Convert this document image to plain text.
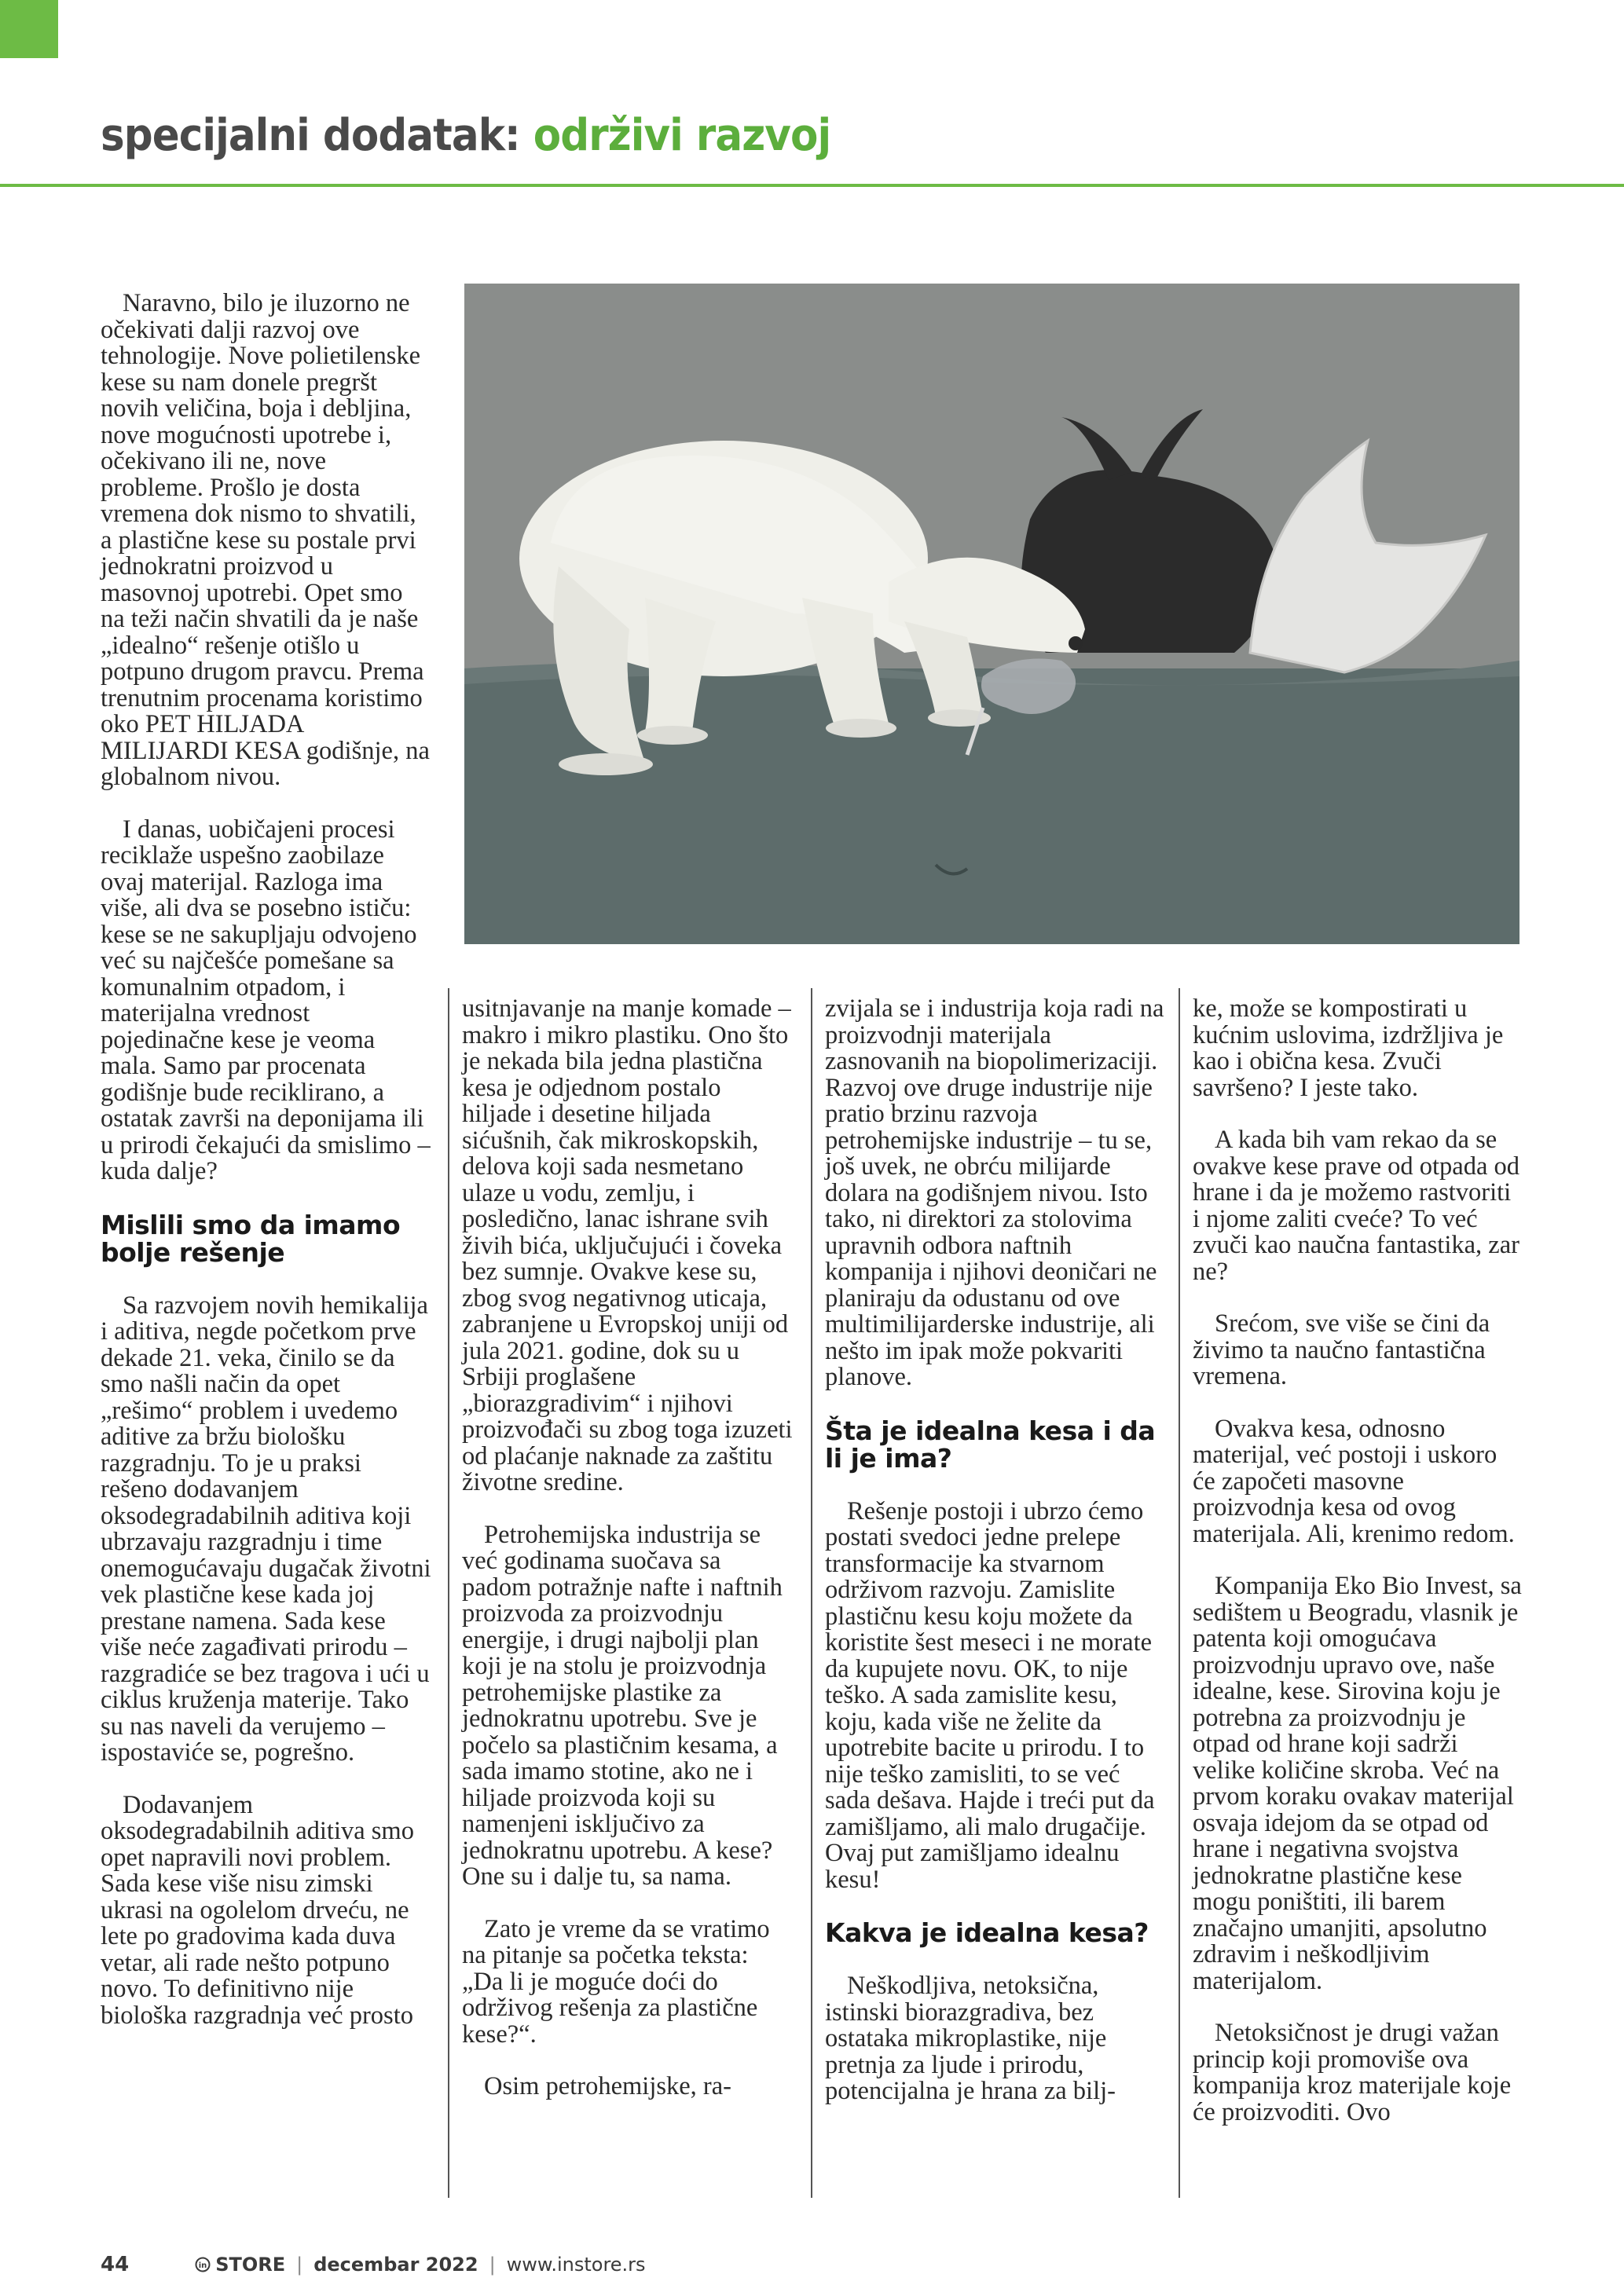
specijalni dodatak: održivi razvoj

Naravno, bilo je iluzorno ne očekivati dalji razvoj ove tehnologije. Nove polietilenske kese su nam donele pregršt novih veličina, boja i debljina, nove mogućnosti upotrebe i, očekivano ili ne, nove probleme. Prošlo je dosta vremena dok nismo to shvatili, a plastične kese su postale prvi jednokratni proizvod u masovnoj upotrebi. Opet smo na teži način shvatili da je naše „idealno“ rešenje otišlo u potpuno drugom pravcu. Prema trenutnim procenama koristimo oko PET HILJADA MILIJARDI KESA godišnje, na globalnom nivou.

I danas, uobičajeni procesi reciklaže uspešno zaobilaze ovaj materijal. Razloga ima više, ali dva se posebno ističu: kese se ne sakupljaju odvojeno već su najčešće pomešane sa komunalnim otpadom, i materijalna vrednost pojedinačne kese je veoma mala. Samo par procenata godišnje bude reciklirano, a ostatak završi na deponijama ili u prirodi čekajući da smislimo – kuda dalje?

Mislili smo da imamo bolje rešenje

Sa razvojem novih hemikalija i aditiva, negde početkom prve dekade 21. veka, činilo se da smo našli način da opet „rešimo“ problem i uvedemo aditive za bržu biološku razgradnju. To je u praksi rešeno dodavanjem oksodegradabilnih aditiva koji ubrzavaju razgradnju i time onemogućavaju dugačak životni vek plastične kese kada joj prestane namena. Sada kese više neće zagađivati prirodu – razgradiće se bez tragova i ući u ciklus kruženja materije. Tako su nas naveli da verujemo – ispostaviće se, pogrešno.

Dodavanjem oksodegradabilnih aditiva smo opet napravili novi problem. Sada kese više nisu zimski ukrasi na ogolelom drveću, ne lete po gradovima kada duva vetar, ali rade nešto potpuno novo. To definitivno nije biološka razgradnja već prosto

usitnjavanje na manje komade – makro i mikro plastiku. Ono što je nekada bila jedna plastična kesa je odjednom postalo hiljade i desetine hiljada sićušnih, čak mikroskopskih, delova koji sada nesmetano ulaze u vodu, zemlju, i posledično, lanac ishrane svih živih bića, uključujući i čoveka bez sumnje. Ovakve kese su, zbog svog negativnog uticaja, zabranjene u Evropskoj uniji od jula 2021. godine, dok su u Srbiji proglašene „biorazgradivim“ i njihovi proizvođači su zbog toga izuzeti od plaćanje naknade za zaštitu životne sredine.

Petrohemijska industrija se već godinama suočava sa padom potražnje nafte i naftnih proizvoda za proizvodnju energije, i drugi najbolji plan koji je na stolu je proizvodnja petrohemijske plastike za jednokratnu upotrebu. Sve je počelo sa plastičnim kesama, a sada imamo stotine, ako ne i hiljade proizvoda koji su namenjeni isključivo za jednokratnu upotrebu. A kese? One su i dalje tu, sa nama.

Zato je vreme da se vratimo na pitanje sa početka teksta: „Da li je moguće doći do održivog rešenja za plastične kese?“.

Osim petrohemijske, ra-

zvijala se i industrija koja radi na proizvodnji materijala zasnovanih na biopolimerizaciji. Razvoj ove druge industrije nije pratio brzinu razvoja petrohemijske industrije – tu se, još uvek, ne obrću milijarde dolara na godišnjem nivou. Isto tako, ni direktori za stolovima upravnih odbora naftnih kompanija i njihovi deoničari ne planiraju da odustanu od ove multimilijarderske industrije, ali nešto im ipak može pokvariti planove.

Šta je idealna kesa i da li je ima?

Rešenje postoji i ubrzo ćemo postati svedoci jedne prelepe transformacije ka stvarnom održivom razvoju. Zamislite plastičnu kesu koju možete da koristite šest meseci i ne morate da kupujete novu. OK, to nije teško. A sada zamislite kesu, koju, kada više ne želite da upotrebite bacite u prirodu. I to nije teško zamisliti, to se već sada dešava. Hajde i treći put da zamišljamo, ali malo drugačije. Ovaj put zamišljamo idealnu kesu!

Kakva je idealna kesa?

Neškodljiva, netoksična, istinski biorazgradiva, bez ostataka mikroplastike, nije pretnja za ljude i prirodu, potencijalna je hrana za bilj-

ke, može se kompostirati u kućnim uslovima, izdržljiva je kao i obična kesa. Zvuči savršeno? I jeste tako.

A kada bih vam rekao da se ovakve kese prave od otpada od hrane i da je možemo rastvoriti i njome zaliti cveće? To već zvuči kao naučna fantastika, zar ne?

Srećom, sve više se čini da živimo ta naučno fantastična vremena.

Ovakva kesa, odnosno materijal, već postoji i uskoro će započeti masovne proizvodnja kesa od ovog materijala. Ali, krenimo redom.

Kompanija Eko Bio Invest, sa sedištem u Beogradu, vlasnik je patenta koji omogućava proizvodnju upravo ove, naše idealne, kese. Sirovina koju je potrebna za proizvodnju je otpad od hrane koji sadrži velike količine skroba. Već na prvom koraku ovakav materijal osvaja idejom da se otpad od hrane i negativna svojstva jednokratne plastične kese mogu poništiti, ili barem značajno umanjiti, apsolutno zdravim i neškodljivim materijalom.

Netoksičnost je drugi važan princip koji promoviše ova kompanija kroz materijale koje će proizvoditi. Ovo

44	in STORE | decembar 2022 | www.instore.rs
